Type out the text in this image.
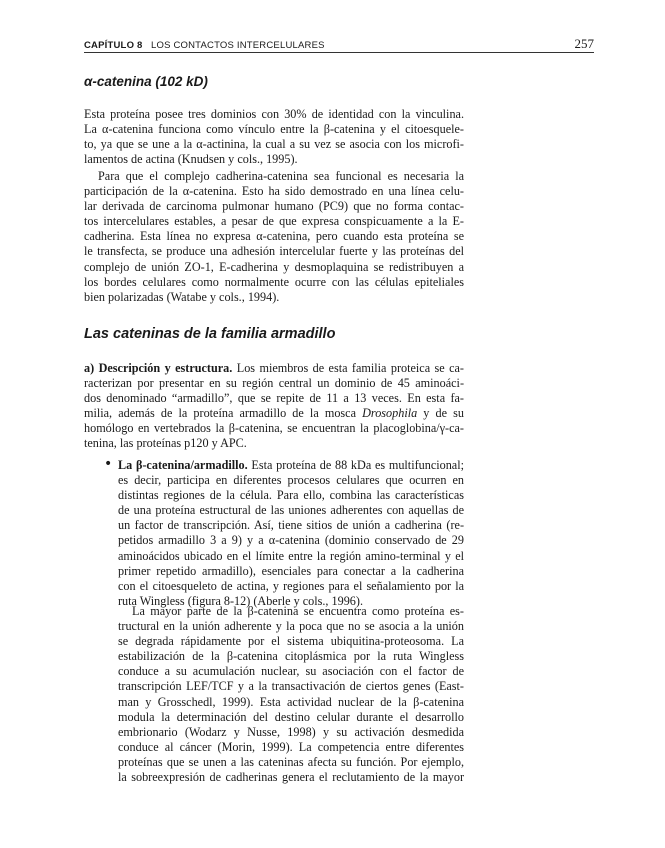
CAPÍTULO 8 LOS CONTACTOS INTERCELULARES	257
α-catenina (102 kD)
Esta proteína posee tres dominios con 30% de identidad con la vinculina.
La α-catenina funciona como vínculo entre la β-catenina y el citoesquele-
to, ya que se une a la α-actinina, la cual a su vez se asocia con los microfi-
lamentos de actina (Knudsen y cols., 1995).
Para que el complejo cadherina-catenina sea funcional es necesaria la
participación de la α-catenina. Esto ha sido demostrado en una línea celu-
lar derivada de carcinoma pulmonar humano (PC9) que no forma contac-
tos intercelulares estables, a pesar de que expresa conspicuamente a la E-
cadherina. Esta línea no expresa α-catenina, pero cuando esta proteína se
le transfecta, se produce una adhesión intercelular fuerte y las proteínas del
complejo de unión ZO-1, E-cadherina y desmoplaquina se redistribuyen a
los bordes celulares como normalmente ocurre con las células epiteliales
bien polarizadas (Watabe y cols., 1994).
Las cateninas de la familia armadillo
a) Descripción y estructura. Los miembros de esta familia proteica se ca-
racterizan por presentar en su región central un dominio de 45 aminoáci-
dos denominado “armadillo”, que se repite de 11 a 13 veces. En esta fa-
milia, además de la proteína armadillo de la mosca Drosophila y de su
homólogo en vertebrados la β-catenina, se encuentran la placoglobina/γ-ca-
tenina, las proteínas p120 y APC.
• La β-catenina/armadillo. Esta proteína de 88 kDa es multifuncional;
es decir, participa en diferentes procesos celulares que ocurren en
distintas regiones de la célula. Para ello, combina las características
de una proteína estructural de las uniones adherentes con aquellas de
un factor de transcripción. Así, tiene sitios de unión a cadherina (re-
petidos armadillo 3 a 9) y a α-catenina (dominio conservado de 29
aminoácidos ubicado en el límite entre la región amino-terminal y el
primer repetido armadillo), esenciales para conectar a la cadherina
con el citoesqueleto de actina, y regiones para el señalamiento por la
ruta Wingless (figura 8-12) (Aberle y cols., 1996).
La mayor parte de la β-catenina se encuentra como proteína es-
tructural en la unión adherente y la poca que no se asocia a la unión
se degrada rápidamente por el sistema ubiquitina-proteosoma. La
estabilización de la β-catenina citoplásmica por la ruta Wingless
conduce a su acumulación nuclear, su asociación con el factor de
transcripción LEF/TCF y a la transactivación de ciertos genes (East-
man y Grosschedl, 1999). Esta actividad nuclear de la β-catenina
modula la determinación del destino celular durante el desarrollo
embrionario (Wodarz y Nusse, 1998) y su activación desmedida
conduce al cáncer (Morin, 1999). La competencia entre diferentes
proteínas que se unen a las cateninas afecta su función. Por ejemplo,
la sobreexpresión de cadherinas genera el reclutamiento de la mayor
